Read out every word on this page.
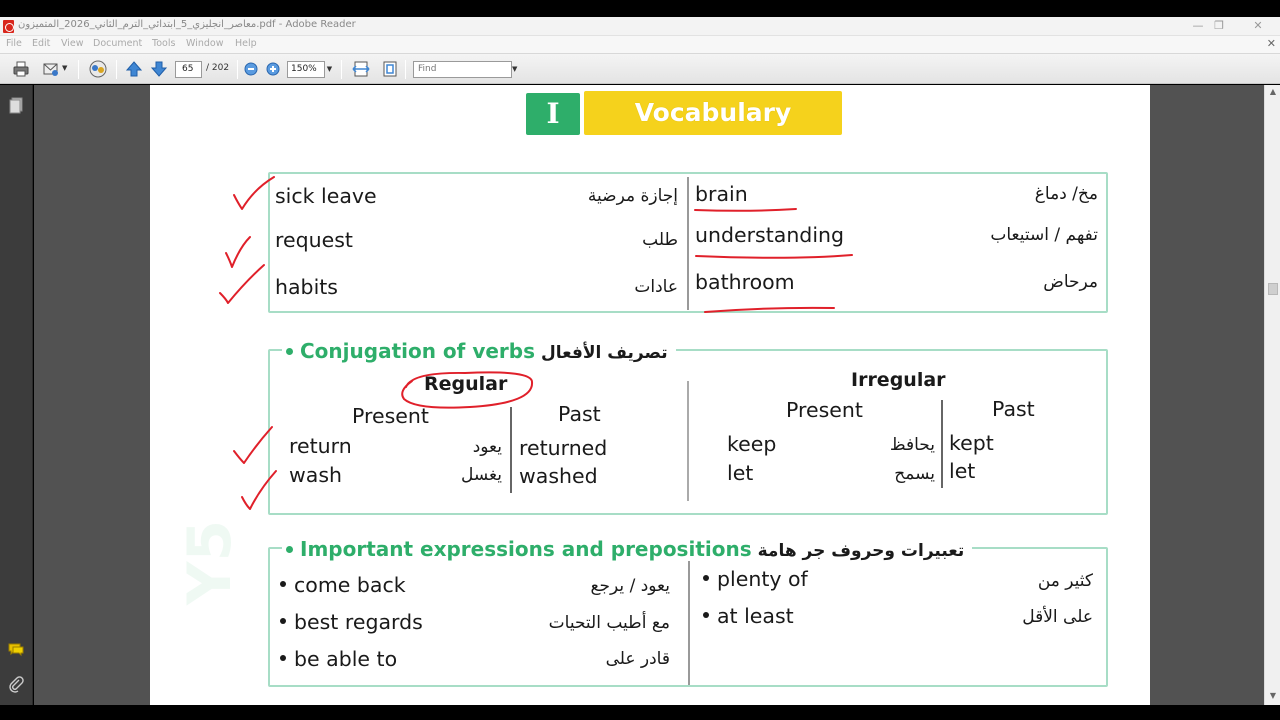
معاصر_انجليزي_5_ابتدائي_الترم_الثاني_2026_المتميزون.pdf - Adobe Reader	— ❐	✕
File Edit View Document Tools Window Help	✕
▼	65	/ 202	150%	▼	Find	▼
Y5
I	Vocabulary
sick leave	إجازة مرضية
request	طلب
habits	عادات
brain	مخ/ دماغ
understanding	تفهم / استيعاب
bathroom	مرحاض
Conjugation of verbs تصريف الأفعال
Regular
Present	Past
return	يعود returned
wash	يغسل washed
Irregular
Present	Past
keep	يحافظ kept
let	يسمح let
Important expressions and prepositions تعبيرات وحروف جر هامة
come back	يعود / يرجع
best regards	مع أطيب التحيات
be able to	قادر على
plenty of	كثير من
at least	على الأقل
▲
▼
